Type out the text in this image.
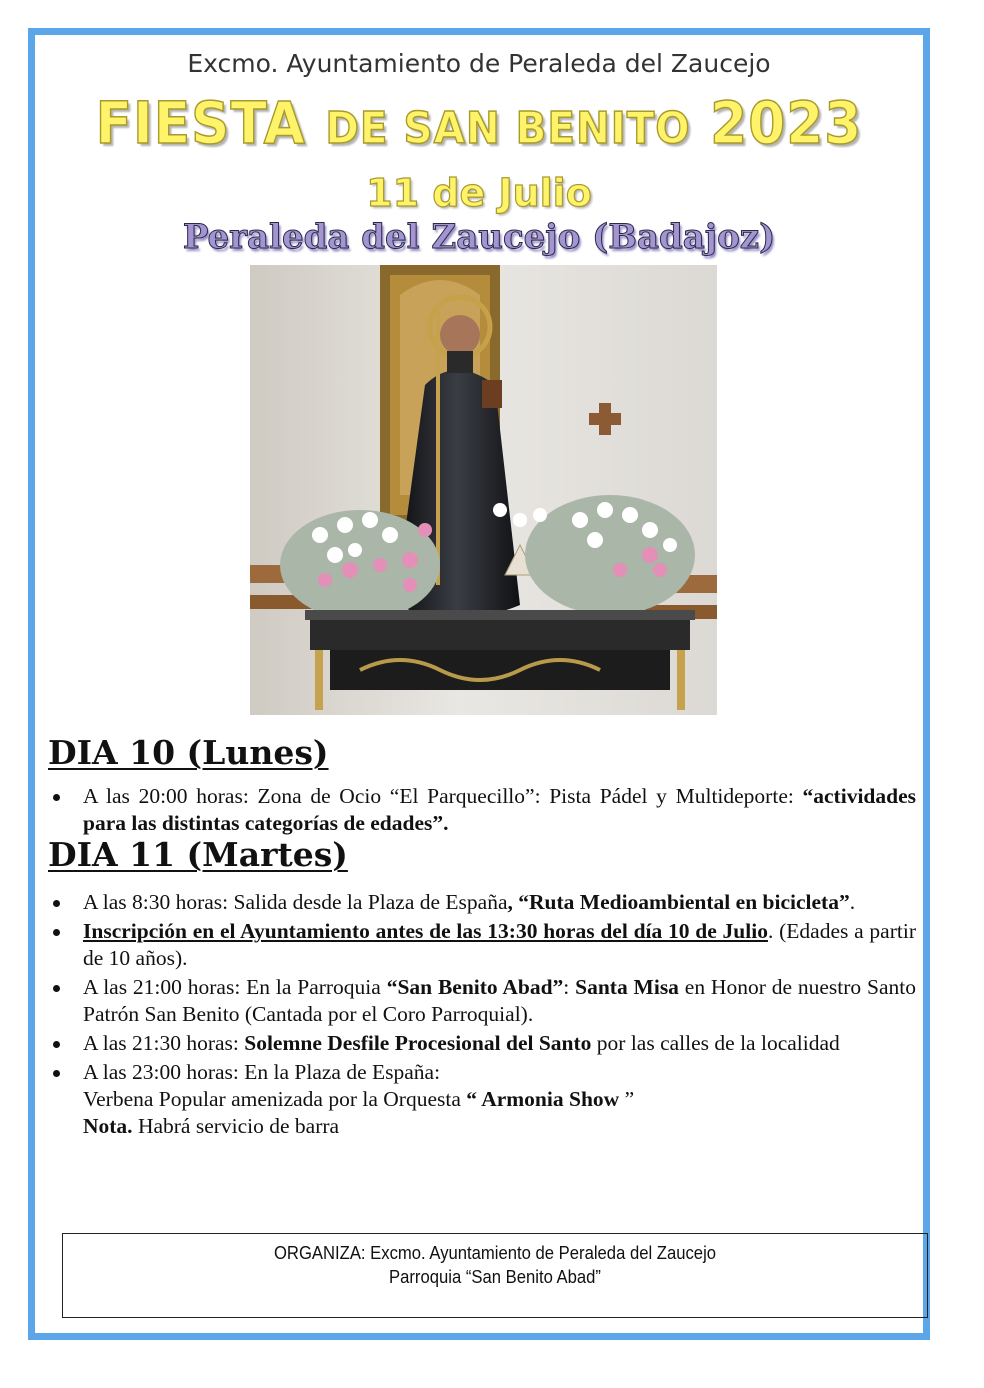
Excmo. Ayuntamiento de Peraleda del Zaucejo
FIESTA DE SAN BENITO 2023
11 de Julio
Peraleda del Zaucejo (Badajoz)
DIA 10 (Lunes)
A las 20:00 horas: Zona de Ocio “El Parquecillo”: Pista Pádel y Multideporte: “actividades para las distintas categorías de edades”.
DIA 11 (Martes)
A las 8:30 horas: Salida desde la Plaza de España, “Ruta Medioambiental en bicicleta”.
Inscripción en el Ayuntamiento antes de las 13:30 horas del día 10 de Julio. (Edades a partir de 10 años).
A las 21:00 horas: En la Parroquia “San Benito Abad”: Santa Misa en Honor de nuestro Santo Patrón San Benito (Cantada por el Coro Parroquial).
A las 21:30 horas: Solemne Desfile Procesional del Santo por las calles de la localidad
A las 23:00 horas: En la Plaza de España:
Verbena Popular amenizada por la Orquesta “ Armonia Show ”
Nota. Habrá servicio de barra
ORGANIZA: Excmo. Ayuntamiento de Peraleda del Zaucejo
Parroquia “San Benito Abad”
